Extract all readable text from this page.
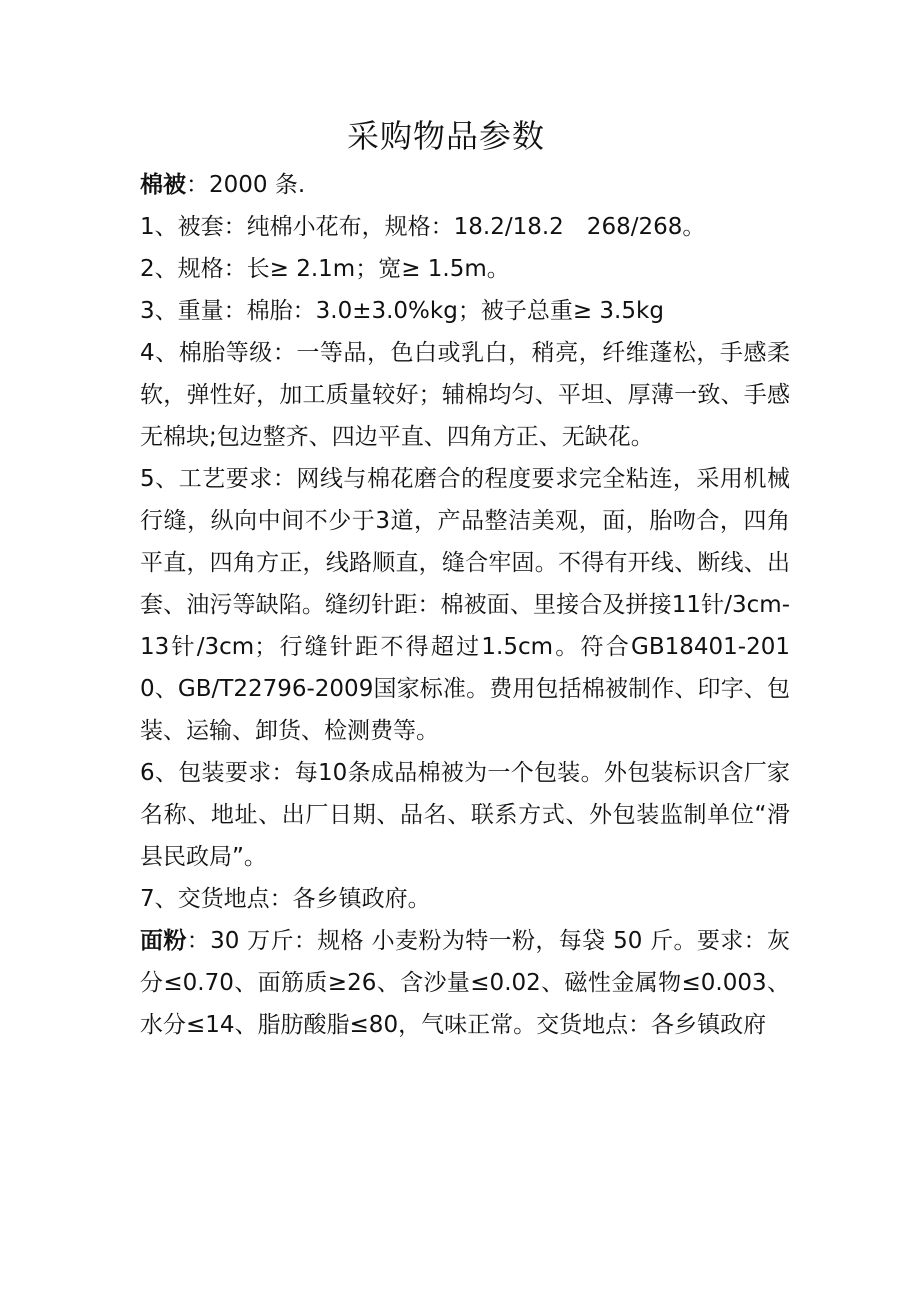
采购物品参数

棉被：2000 条.

1、被套：纯棉小花布，规格：18.2/18.2　268/268。

2、规格：长≥ 2.1m；宽≥ 1.5m。

3、重量：棉胎：3.0±3.0%kg；被子总重≥ 3.5kg

4、棉胎等级：一等品，色白或乳白，稍亮，纤维蓬松，手感柔软，弹性好，加工质量较好；辅棉均匀、平坦、厚薄一致、手感无棉块;包边整齐、四边平直、四角方正、无缺花。

5、工艺要求：网线与棉花磨合的程度要求完全粘连，采用机械行缝，纵向中间不少于3道，产品整洁美观，面，胎吻合，四角平直，四角方正，线路顺直，缝合牢固。不得有开线、断线、出套、油污等缺陷。缝纫针距：棉被面、里接合及拼接11针/3cm-13针/3cm；行缝针距不得超过1.5cm。符合GB18401-2010、GB/T22796-2009国家标准。费用包括棉被制作、印字、包装、运输、卸货、检测费等。

6、包装要求：每10条成品棉被为一个包装。外包装标识含厂家名称、地址、出厂日期、品名、联系方式、外包装监制单位“滑县民政局”。

7、交货地点：各乡镇政府。

面粉：30 万斤：规格 小麦粉为特一粉，每袋 50 斤。要求：灰分≤0.70、面筋质≥26、含沙量≤0.02、磁性金属物≤0.003、水分≤14、脂肪酸脂≤80，气味正常。交货地点：各乡镇政府
